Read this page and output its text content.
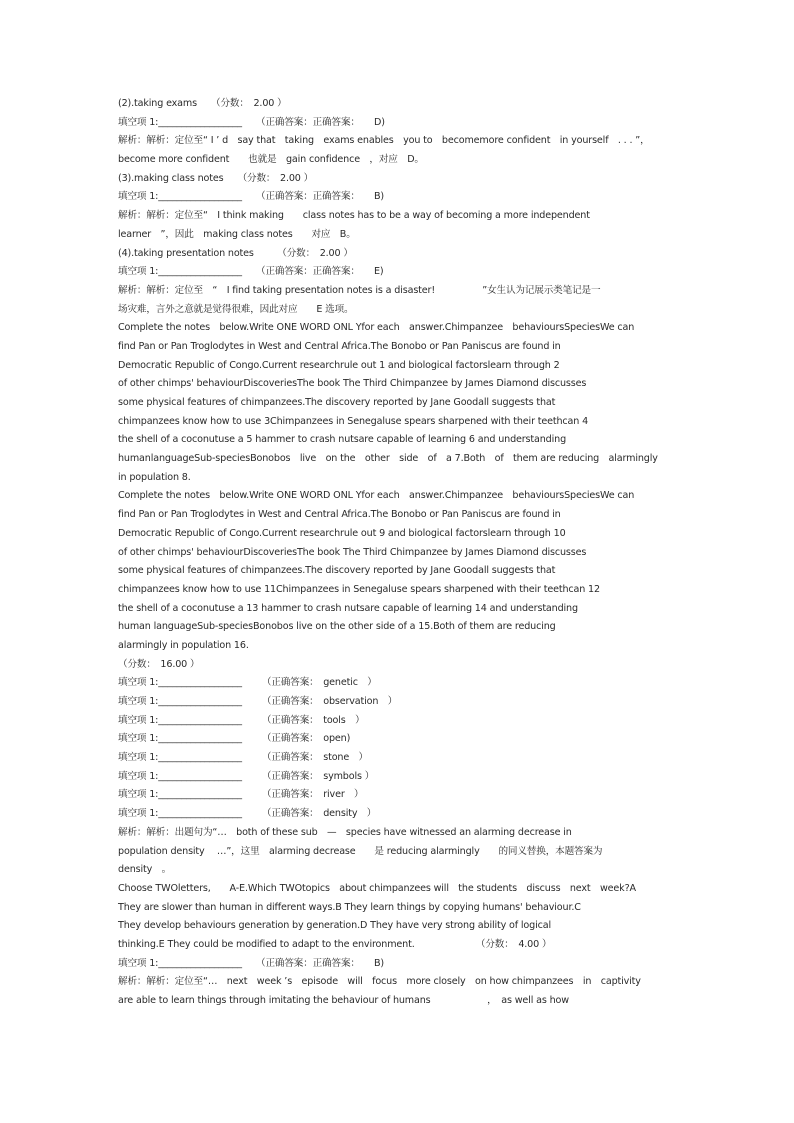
(2).taking exams　　（分数：　2.00 ）
填空项 1:__________________　　（正确答案：正确答案：　　D)
解析：解析：定位至“ I ’ d　say that　taking　exams enables　you to　becomemore confident　in yourself　. . . ”，
become more confident　　也就是　gain confidence　，对应　D。
(3).making class notes　　（分数：　2.00 ）
填空项 1:__________________　　（正确答案：正确答案：　　B)
解析：解析：定位至“　I think making　　class notes has to be a way of becoming a more independent
learner　”，因此　making class notes　　对应　B。
(4).taking presentation notes　　　（分数：　2.00 ）
填空项 1:__________________　　（正确答案：正确答案：　　E)
解析：解析：定位至　“　I find taking presentation notes is a disaster!　　　　　”女生认为记展示类笔记是一
场灾难，言外之意就是觉得很难，因此对应　　E 选项。
Complete the notes　below.Write ONE WORD ONL Yfor each　answer.Chimpanzee　behavioursSpeciesWe can
find Pan or Pan Troglodytes in West and Central Africa.The Bonobo or Pan Paniscus are found in
Democratic Republic of Congo.Current researchrule out 1 and biological factorslearn through 2
of other chimps' behaviourDiscoveriesThe book The Third Chimpanzee by James Diamond discusses
some physical features of chimpanzees.The discovery reported by Jane Goodall suggests that
chimpanzees know how to use 3Chimpanzees in Senegaluse spears sharpened with their teethcan 4
the shell of a coconutuse a 5 hammer to crash nutsare capable of learning 6 and understanding
humanlanguageSub-speciesBonobos　live　on the　other　side　of　a 7.Both　of　them are reducing　alarmingly
in population 8.
Complete the notes　below.Write ONE WORD ONL Yfor each　answer.Chimpanzee　behavioursSpeciesWe can
find Pan or Pan Troglodytes in West and Central Africa.The Bonobo or Pan Paniscus are found in
Democratic Republic of Congo.Current researchrule out 9 and biological factorslearn through 10
of other chimps' behaviourDiscoveriesThe book The Third Chimpanzee by James Diamond discusses
some physical features of chimpanzees.The discovery reported by Jane Goodall suggests that
chimpanzees know how to use 11Chimpanzees in Senegaluse spears sharpened with their teethcan 12
the shell of a coconutuse a 13 hammer to crash nutsare capable of learning 14 and understanding
human languageSub-speciesBonobos live on the other side of a 15.Both of them are reducing
alarmingly in population 16.
（分数：　16.00 ）
填空项 1:__________________ （正确答案：　genetic　）
填空项 1:__________________ （正确答案：　observation　）
填空项 1:__________________ （正确答案：　tools　）
填空项 1:__________________ （正确答案：　open)
填空项 1:__________________ （正确答案：　stone　）
填空项 1:__________________ （正确答案：　symbols ）
填空项 1:__________________ （正确答案：　river　）
填空项 1:__________________ （正确答案：　density　）
解析：解析：出题句为“…　both of these sub　—　species have witnessed an alarming decrease in
population density　 …”，这里　alarming decrease　　是 reducing alarmingly　　的同义替换，本题答案为
density　。
Choose TWOletters,　　A-E.Which TWOtopics　about chimpanzees will　the students　discuss　next　week?A
They are slower than human in different ways.B They learn things by copying humans' behaviour.C
They develop behaviours generation by generation.D They have very strong ability of logical
thinking.E They could be modified to adapt to the environment.　　　　　　　（分数：　4.00 ）
填空项 1:__________________　　（正确答案：正确答案：　　B)
解析：解析：定位至“…　next　week ’s　episode　will　focus　more closely　on how chimpanzees　in　captivity
are able to learn things through imitating the behaviour of humans　　　　　　，　as well as how
